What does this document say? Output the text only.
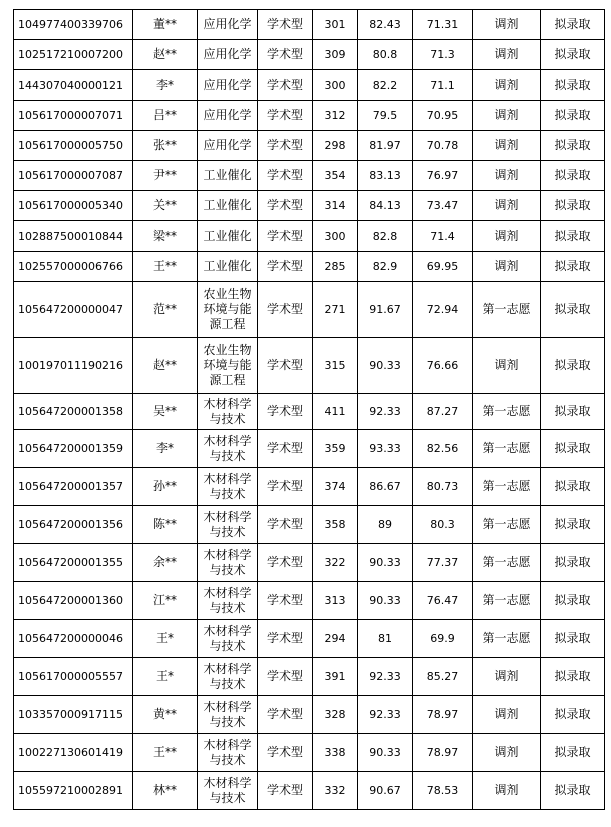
104977400339706	董**	应用化学	学术型	301	82.43	71.31	调剂	拟录取
102517210007200	赵**	应用化学	学术型	309	80.8	71.3	调剂	拟录取
144307040000121	李*	应用化学	学术型	300	82.2	71.1	调剂	拟录取
105617000007071	吕**	应用化学	学术型	312	79.5	70.95	调剂	拟录取
105617000005750	张**	应用化学	学术型	298	81.97	70.78	调剂	拟录取
105617000007087	尹**	工业催化	学术型	354	83.13	76.97	调剂	拟录取
105617000005340	关**	工业催化	学术型	314	84.13	73.47	调剂	拟录取
102887500010844	梁**	工业催化	学术型	300	82.8	71.4	调剂	拟录取
102557000006766	王**	工业催化	学术型	285	82.9	69.95	调剂	拟录取
105647200000047	范**	农业生物环境与能源工程	学术型	271	91.67	72.94	第一志愿	拟录取
100197011190216	赵**	农业生物环境与能源工程	学术型	315	90.33	76.66	调剂	拟录取
105647200001358	吴**	木材科学与技术	学术型	411	92.33	87.27	第一志愿	拟录取
105647200001359	李*	木材科学与技术	学术型	359	93.33	82.56	第一志愿	拟录取
105647200001357	孙**	木材科学与技术	学术型	374	86.67	80.73	第一志愿	拟录取
105647200001356	陈**	木材科学与技术	学术型	358	89	80.3	第一志愿	拟录取
105647200001355	余**	木材科学与技术	学术型	322	90.33	77.37	第一志愿	拟录取
105647200001360	江**	木材科学与技术	学术型	313	90.33	76.47	第一志愿	拟录取
105647200000046	王*	木材科学与技术	学术型	294	81	69.9	第一志愿	拟录取
105617000005557	王*	木材科学与技术	学术型	391	92.33	85.27	调剂	拟录取
103357000917115	黄**	木材科学与技术	学术型	328	92.33	78.97	调剂	拟录取
100227130601419	王**	木材科学与技术	学术型	338	90.33	78.97	调剂	拟录取
105597210002891	林**	木材科学与技术	学术型	332	90.67	78.53	调剂	拟录取
